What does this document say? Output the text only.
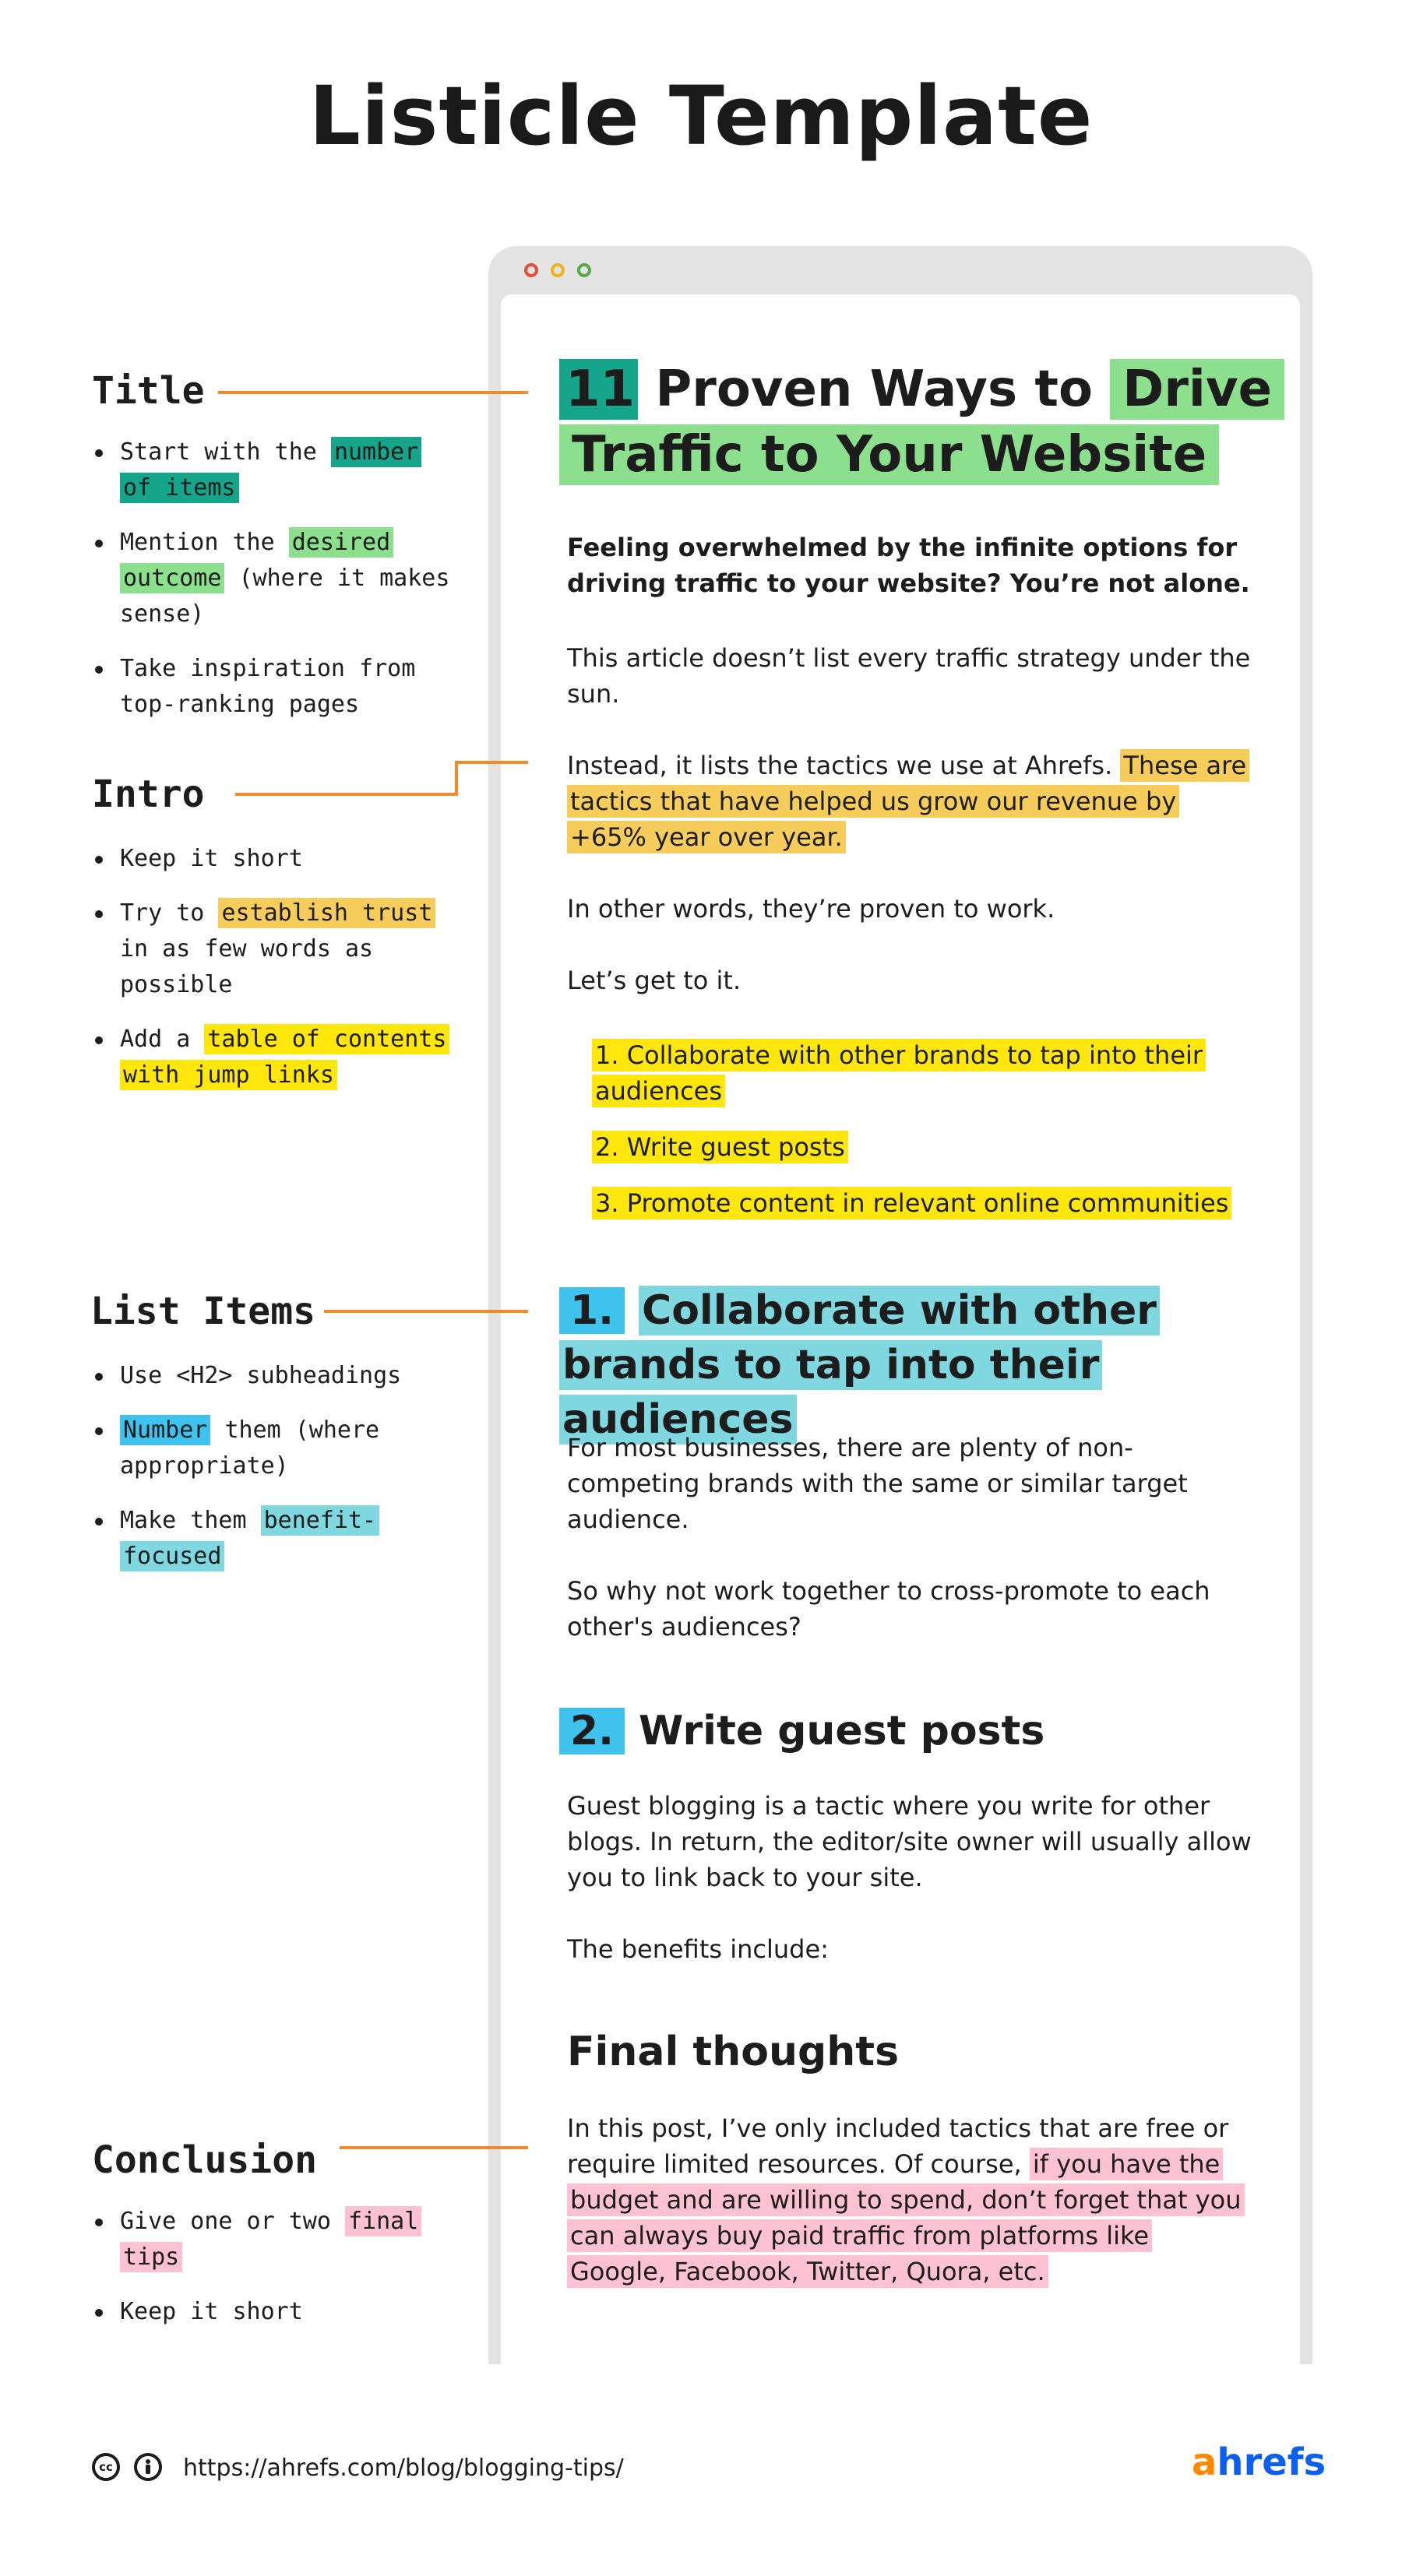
Listicle Template
Title
Start with the number of items
Mention the desired outcome (where it makes sense)
Take inspiration from top-ranking pages
Intro
Keep it short
Try to establish trust in as few words as possible
Add a table of contents with jump links
List Items
Use <H2> subheadings
Number them (where appropriate)
Make them benefit-focused
Conclusion
Give one or two final tips
Keep it short
11 Proven Ways to Drive Traffic to Your Website
Feeling overwhelmed by the infinite options for driving traffic to your website? You’re not alone.
This article doesn’t list every traffic strategy under the sun.
Instead, it lists the tactics we use at Ahrefs. These are tactics that have helped us grow our revenue by +65% year over year.
In other words, they’re proven to work.
Let’s get to it.
1. Collaborate with other brands to tap into their audiences
2. Write guest posts
3. Promote content in relevant online communities
1. Collaborate with other brands to tap into their audiences
For most businesses, there are plenty of non-competing brands with the same or similar target audience.
So why not work together to cross-promote to each other's audiences?
2. Write guest posts
Guest blogging is a tactic where you write for other blogs. In return, the editor/site owner will usually allow you to link back to your site.
The benefits include:
Final thoughts
In this post, I’ve only included tactics that are free or require limited resources. Of course, if you have the budget and are willing to spend, don’t forget that you can always buy paid traffic from platforms like Google, Facebook, Twitter, Quora, etc.
cc	https://ahrefs.com/blog/blogging-tips/	ahrefs
